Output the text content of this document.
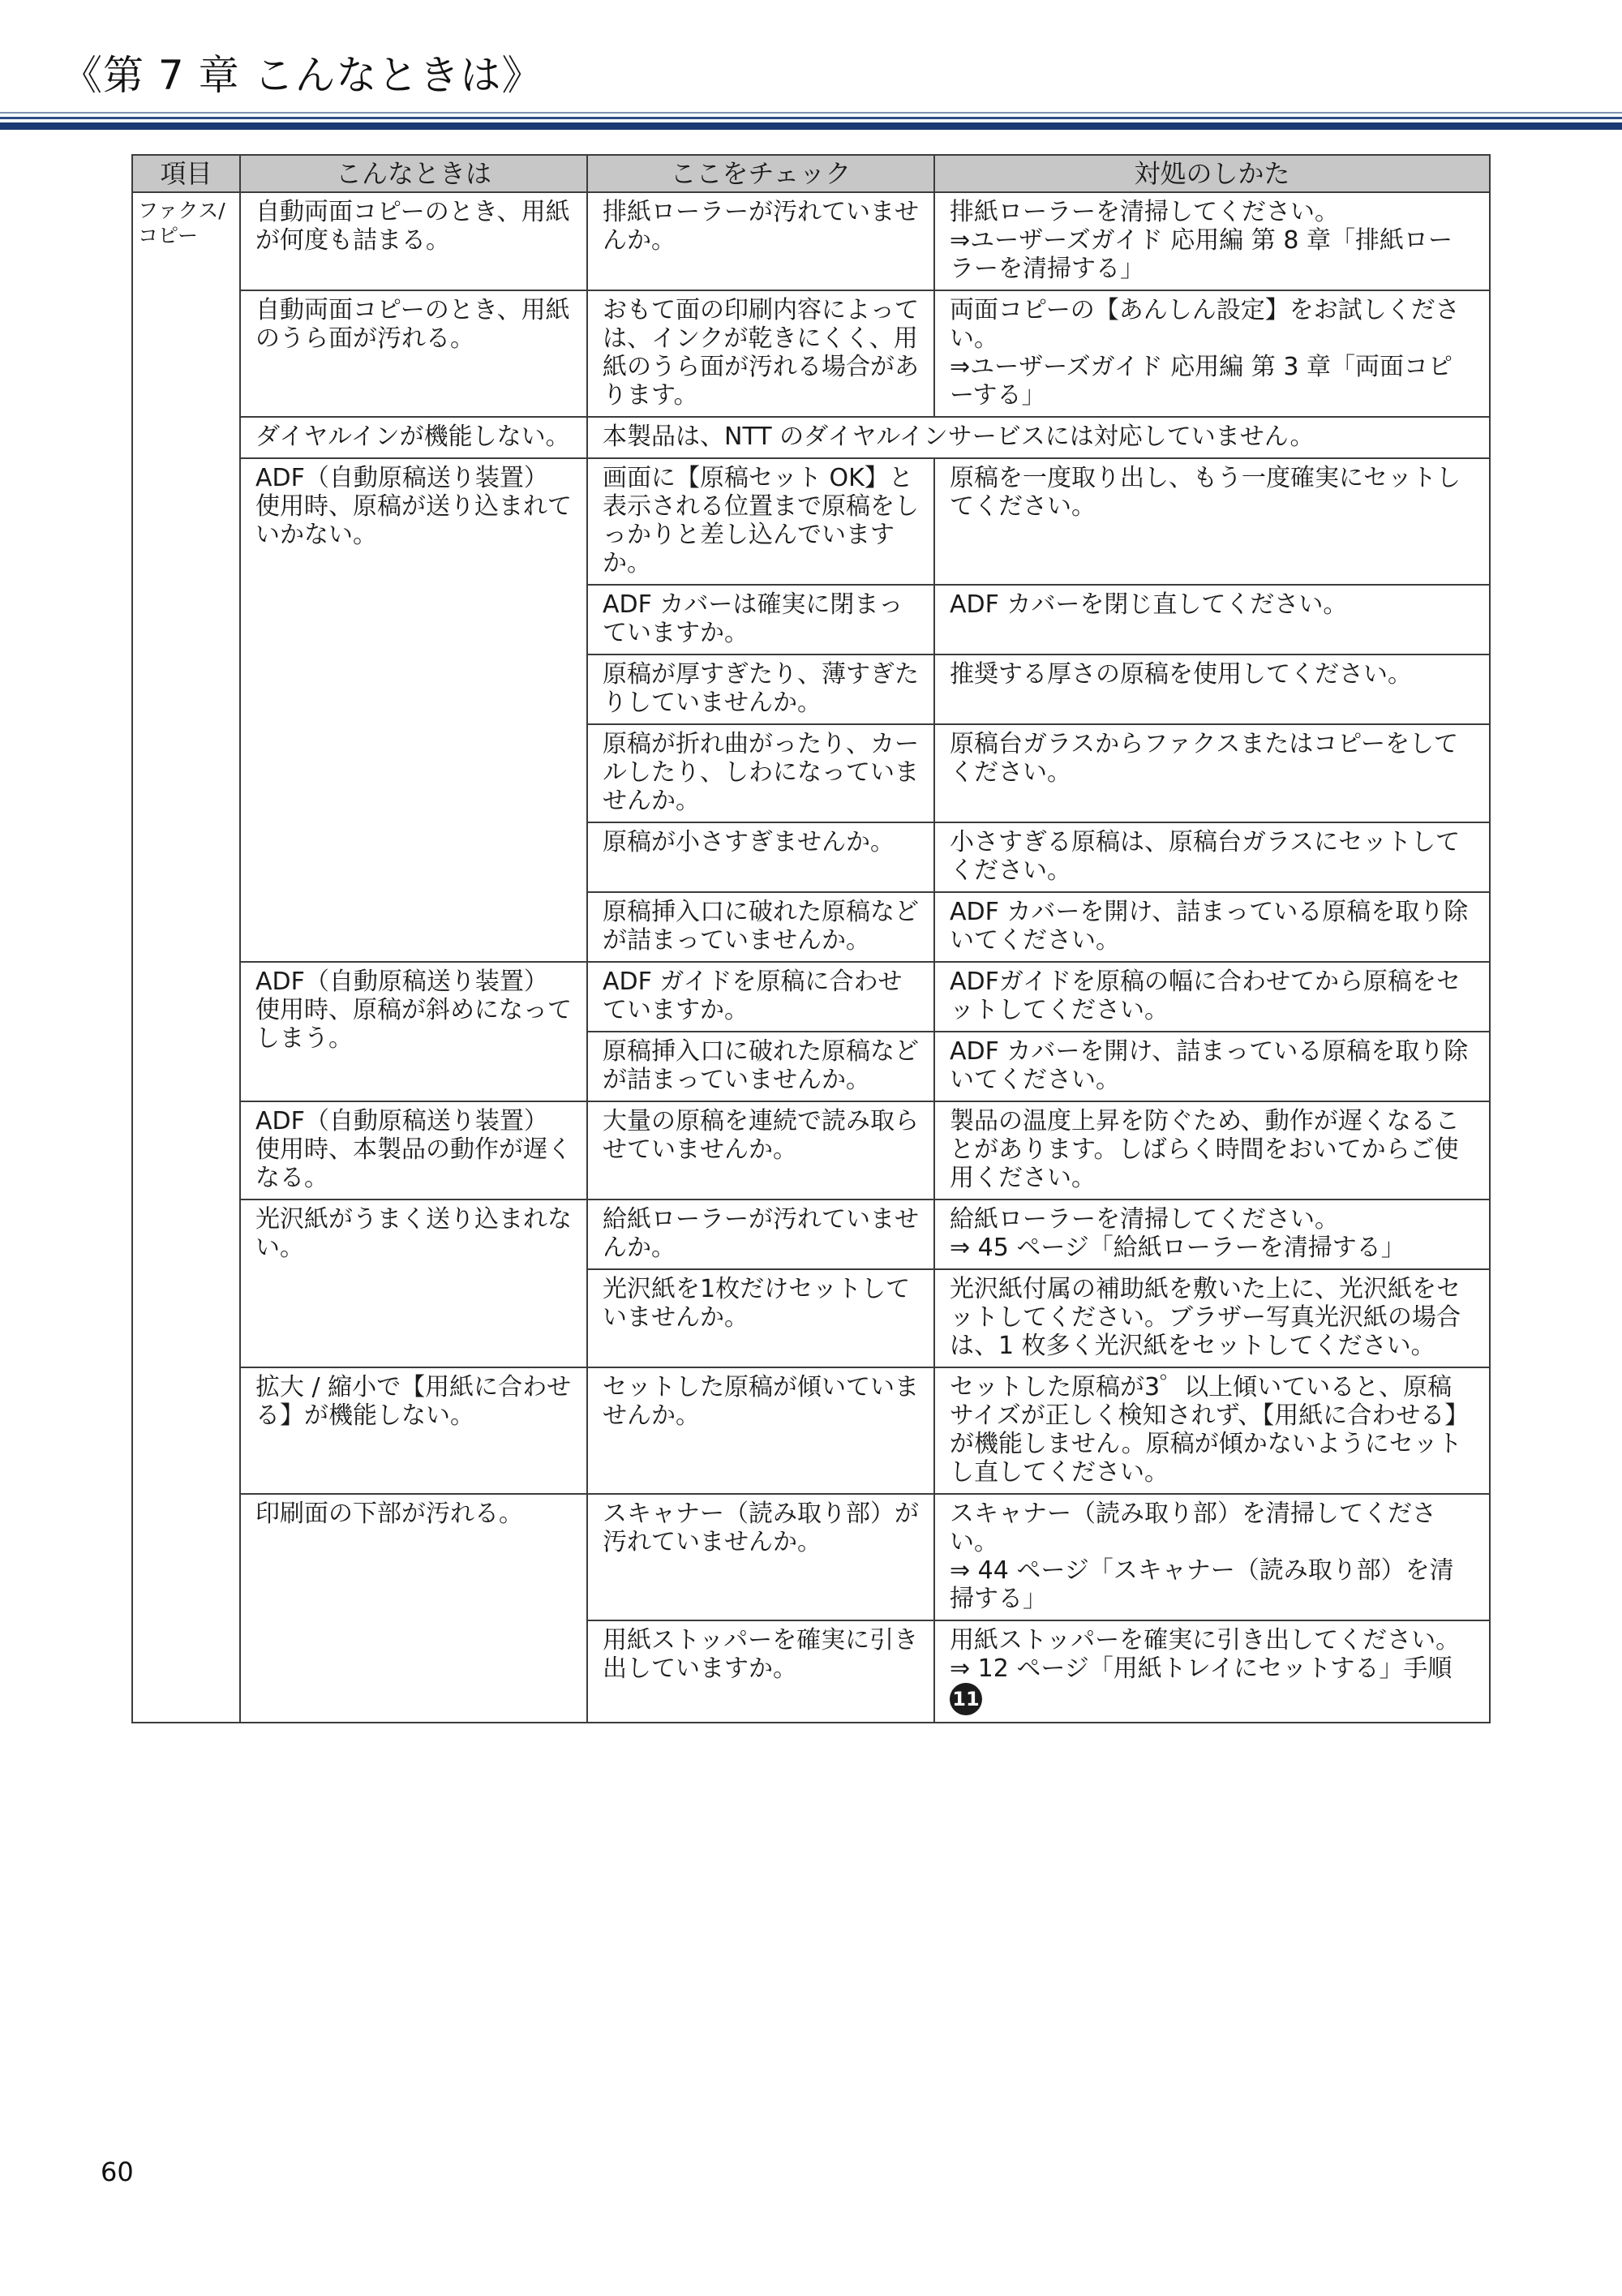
《第 7 章 こんなときは》
項目	こんなときは	ここをチェック	対処のしかた
ファクス/コピー	自動両面コピーのとき、用紙が何度も詰まる。	排紙ローラーが汚れていませんか。	排紙ローラーを清掃してください。
⇒ユーザーズガイド 応用編 第 8 章「排紙ローラーを清掃する」
	自動両面コピーのとき、用紙のうら面が汚れる。	おもて面の印刷内容によっては、インクが乾きにくく、用紙のうら面が汚れる場合があります。	両面コピーの【あんしん設定】をお試しください。
⇒ユーザーズガイド 応用編 第 3 章「両面コピーする」
	ダイヤルインが機能しない。	本製品は、NTT のダイヤルインサービスには対応していません。	
	ADF（自動原稿送り装置）使用時、原稿が送り込まれていかない。	画面に【原稿セット OK】と表示される位置まで原稿をしっかりと差し込んでいますか。	原稿を一度取り出し、もう一度確実にセットしてください。
		ADF カバーは確実に閉まっていますか。	ADF カバーを閉じ直してください。
		原稿が厚すぎたり、薄すぎたりしていませんか。	推奨する厚さの原稿を使用してください。
		原稿が折れ曲がったり、カールしたり、しわになっていませんか。	原稿台ガラスからファクスまたはコピーをしてください。
		原稿が小さすぎませんか。	小さすぎる原稿は、原稿台ガラスにセットしてください。
		原稿挿入口に破れた原稿などが詰まっていませんか。	ADF カバーを開け、詰まっている原稿を取り除いてください。
	ADF（自動原稿送り装置）使用時、原稿が斜めになってしまう。	ADF ガイドを原稿に合わせていますか。	ADFガイドを原稿の幅に合わせてから原稿をセットしてください。
		原稿挿入口に破れた原稿などが詰まっていませんか。	ADF カバーを開け、詰まっている原稿を取り除いてください。
	ADF（自動原稿送り装置）使用時、本製品の動作が遅くなる。	大量の原稿を連続で読み取らせていませんか。	製品の温度上昇を防ぐため、動作が遅くなることがあります。しばらく時間をおいてからご使用ください。
	光沢紙がうまく送り込まれない。	給紙ローラーが汚れていませんか。	給紙ローラーを清掃してください。
⇒ 45 ページ「給紙ローラーを清掃する」
		光沢紙を1枚だけセットしていませんか。	光沢紙付属の補助紙を敷いた上に、光沢紙をセットしてください。ブラザー写真光沢紙の場合は、1 枚多く光沢紙をセットしてください。
	拡大 / 縮小で【用紙に合わせる】が機能しない。	セットした原稿が傾いていませんか。	セットした原稿が3゜以上傾いていると、原稿サイズが正しく検知されず、【用紙に合わせる】が機能しません。原稿が傾かないようにセットし直してください。
	印刷面の下部が汚れる。	スキャナー（読み取り部）が汚れていませんか。	スキャナー（読み取り部）を清掃してください。
⇒ 44 ページ「スキャナー（読み取り部）を清掃する」
		用紙ストッパーを確実に引き出していますか。	用紙ストッパーを確実に引き出してください。
⇒ 12 ページ「用紙トレイにセットする」手順 11
60
